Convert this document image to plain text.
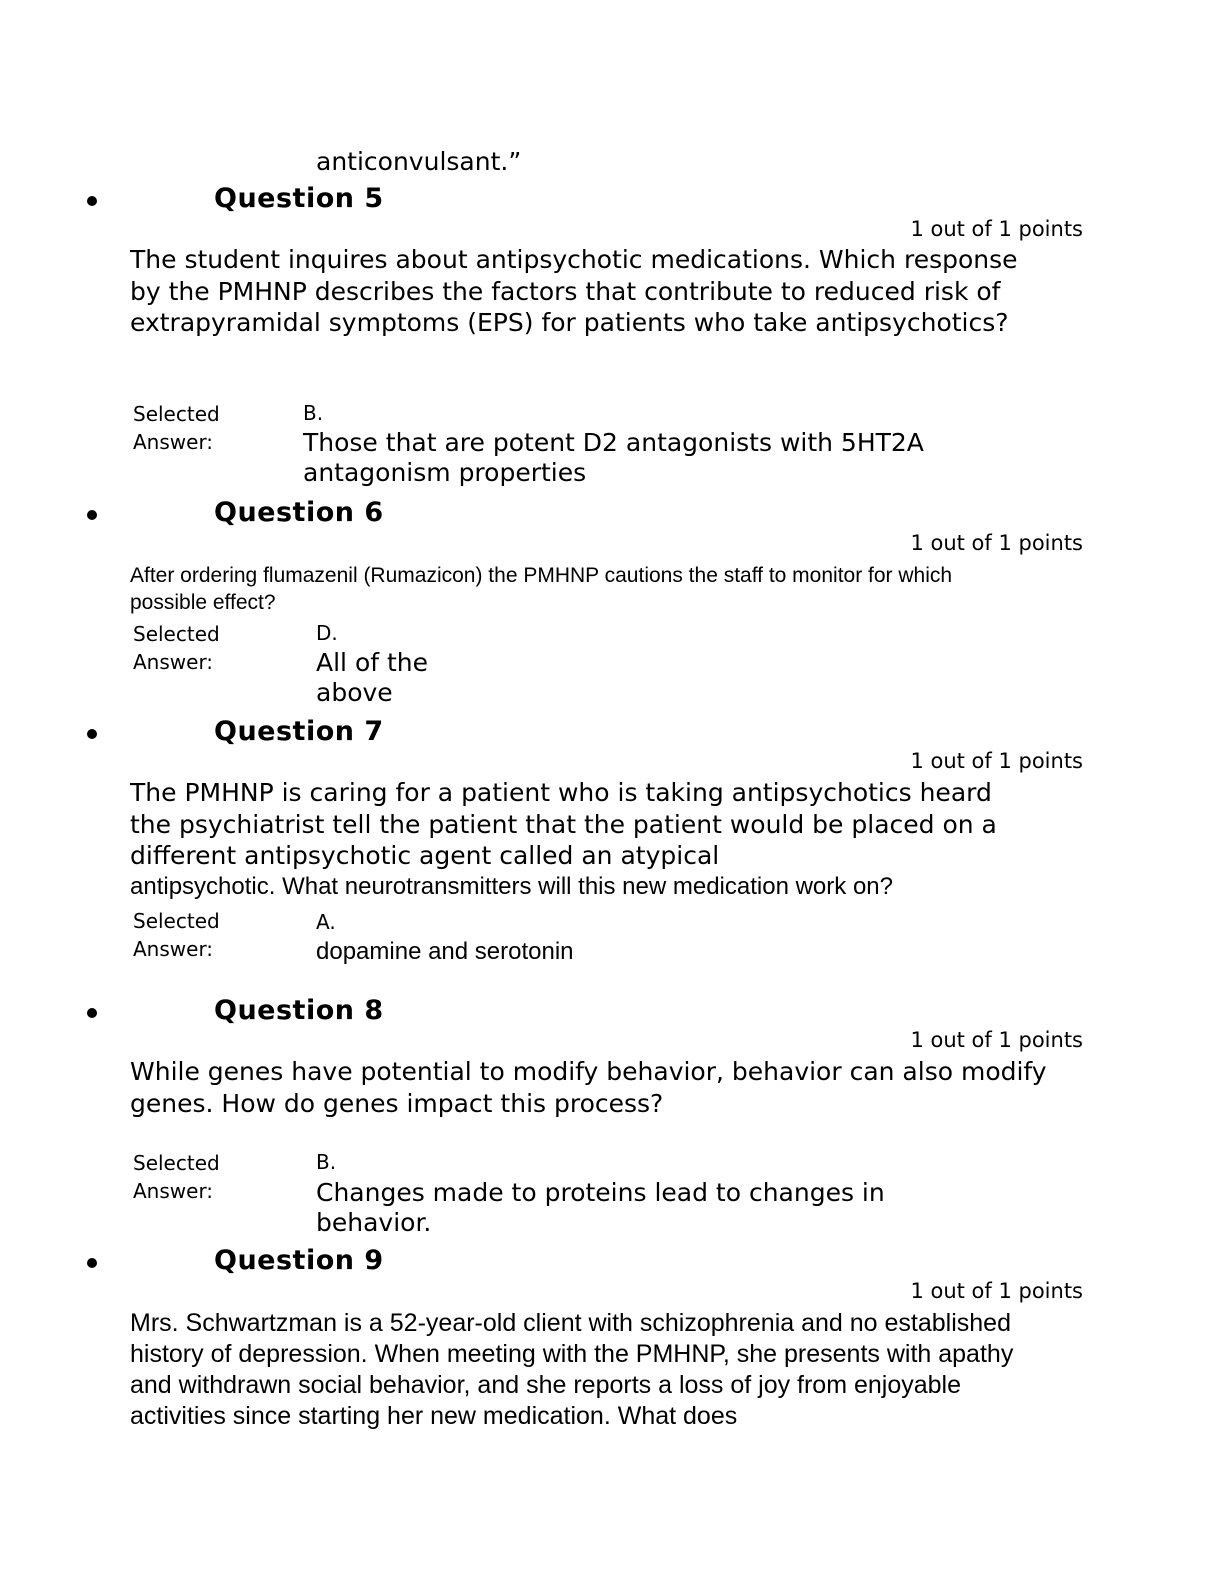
anticonvulsant.”

Question 5

1 out of 1 points

The student inquires about antipsychotic medications. Which response by the PMHNP describes the factors that contribute to reduced risk of extrapyramidal symptoms (EPS) for patients who take antipsychotics?

Selected
Answer:

B.

Those that are potent D2 antagonists with 5HT2A antagonism properties

Question 6

1 out of 1 points

After ordering flumazenil (Rumazicon) the PMHNP cautions the staff to monitor for which possible effect?

Selected
Answer:

D.

All of the above

Question 7

1 out of 1 points

The PMHNP is caring for a patient who is taking antipsychotics heard the psychiatrist tell the patient that the patient would be placed on a different antipsychotic agent called an atypical

antipsychotic. What neurotransmitters will this new medication work on?

Selected
Answer:

A.

dopamine and serotonin

Question 8

1 out of 1 points

While genes have potential to modify behavior, behavior can also modify genes. How do genes impact this process?

Selected
Answer:

B.

Changes made to proteins lead to changes in behavior.

Question 9

1 out of 1 points

Mrs. Schwartzman is a 52-year-old client with schizophrenia and no established history of depression. When meeting with the PMHNP, she presents with apathy and withdrawn social behavior, and she reports a loss of joy from enjoyable activities since starting her new medication. What does
